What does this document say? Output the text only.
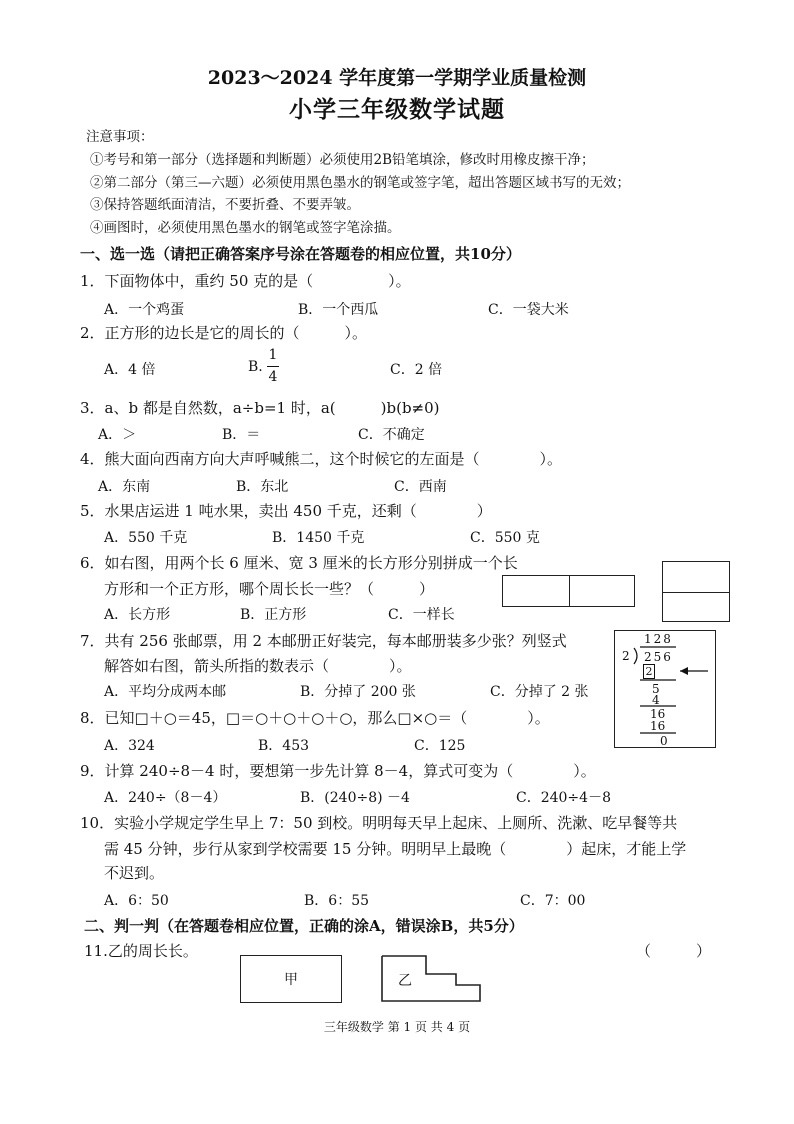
2023～2024 学年度第一学期学业质量检测
小学三年级数学试题
注意事项：
①考号和第一部分（选择题和判断题）必须使用2B铅笔填涂，修改时用橡皮擦干净；
②第二部分（第三—六题）必须使用黑色墨水的钢笔或签字笔，超出答题区域书写的无效；
③保持答题纸面清洁，不要折叠、不要弄皱。
④画图时，必须使用黑色墨水的钢笔或签字笔涂描。
一、选一选（请把正确答案序号涂在答题卷的相应位置，共10分）
1．下面物体中，重约 50 克的是（　　　　　）。
A．一个鸡蛋	B．一个西瓜	C．一袋大米
2．正方形的边长是它的周长的（　　　）。
A．4 倍	B.
1
4	C．2 倍
3．a、b 都是自然数，a÷b=1 时，a(　　　)b(b≠0)
A．＞	B．＝	C．不确定
4．熊大面向西南方向大声呼喊熊二，这个时候它的左面是（　　　　）。
A．东南	B．东北	C．西南
5．水果店运进 1 吨水果，卖出 450 千克，还剩（　　　　）
A．550 千克	B．1450 千克	C．550 克
6．如右图，用两个长 6 厘米、宽 3 厘米的长方形分别拼成一个长
方形和一个正方形，哪个周长长一些？（　　　）
A．长方形	B．正方形	C．一样长
7．共有 256 张邮票，用 2 本邮册正好装完，每本邮册装多少张？列竖式
解答如右图，箭头所指的数表示（　　　　）。
A．平均分成两本邮	B．分掉了 200 张	C．分掉了 2 张
128
2 256
2
5
4
16
16
0
8．已知□＋○＝45，□＝○＋○＋○＋○，那么□×○＝（　　　　）。
A．324	B．453	C．125
9．计算 240÷8－4 时，要想第一步先计算 8－4，算式可变为（　　　　）。
A．240÷（8－4）	B．(240÷8) －4	C．240÷4－8
10．实验小学规定学生早上 7：50 到校。明明每天早上起床、上厕所、洗漱、吃早餐等共
需 45 分钟，步行从家到学校需要 15 分钟。明明早上最晚（　　　　）起床，才能上学
不迟到。
A．6：50	B．6：55	C．7：00
二、判一判（在答题卷相应位置，正确的涂A，错误涂B，共5分）
11.乙的周长长。	（　　　）
甲	乙
三年级数学 第 1 页 共 4 页
